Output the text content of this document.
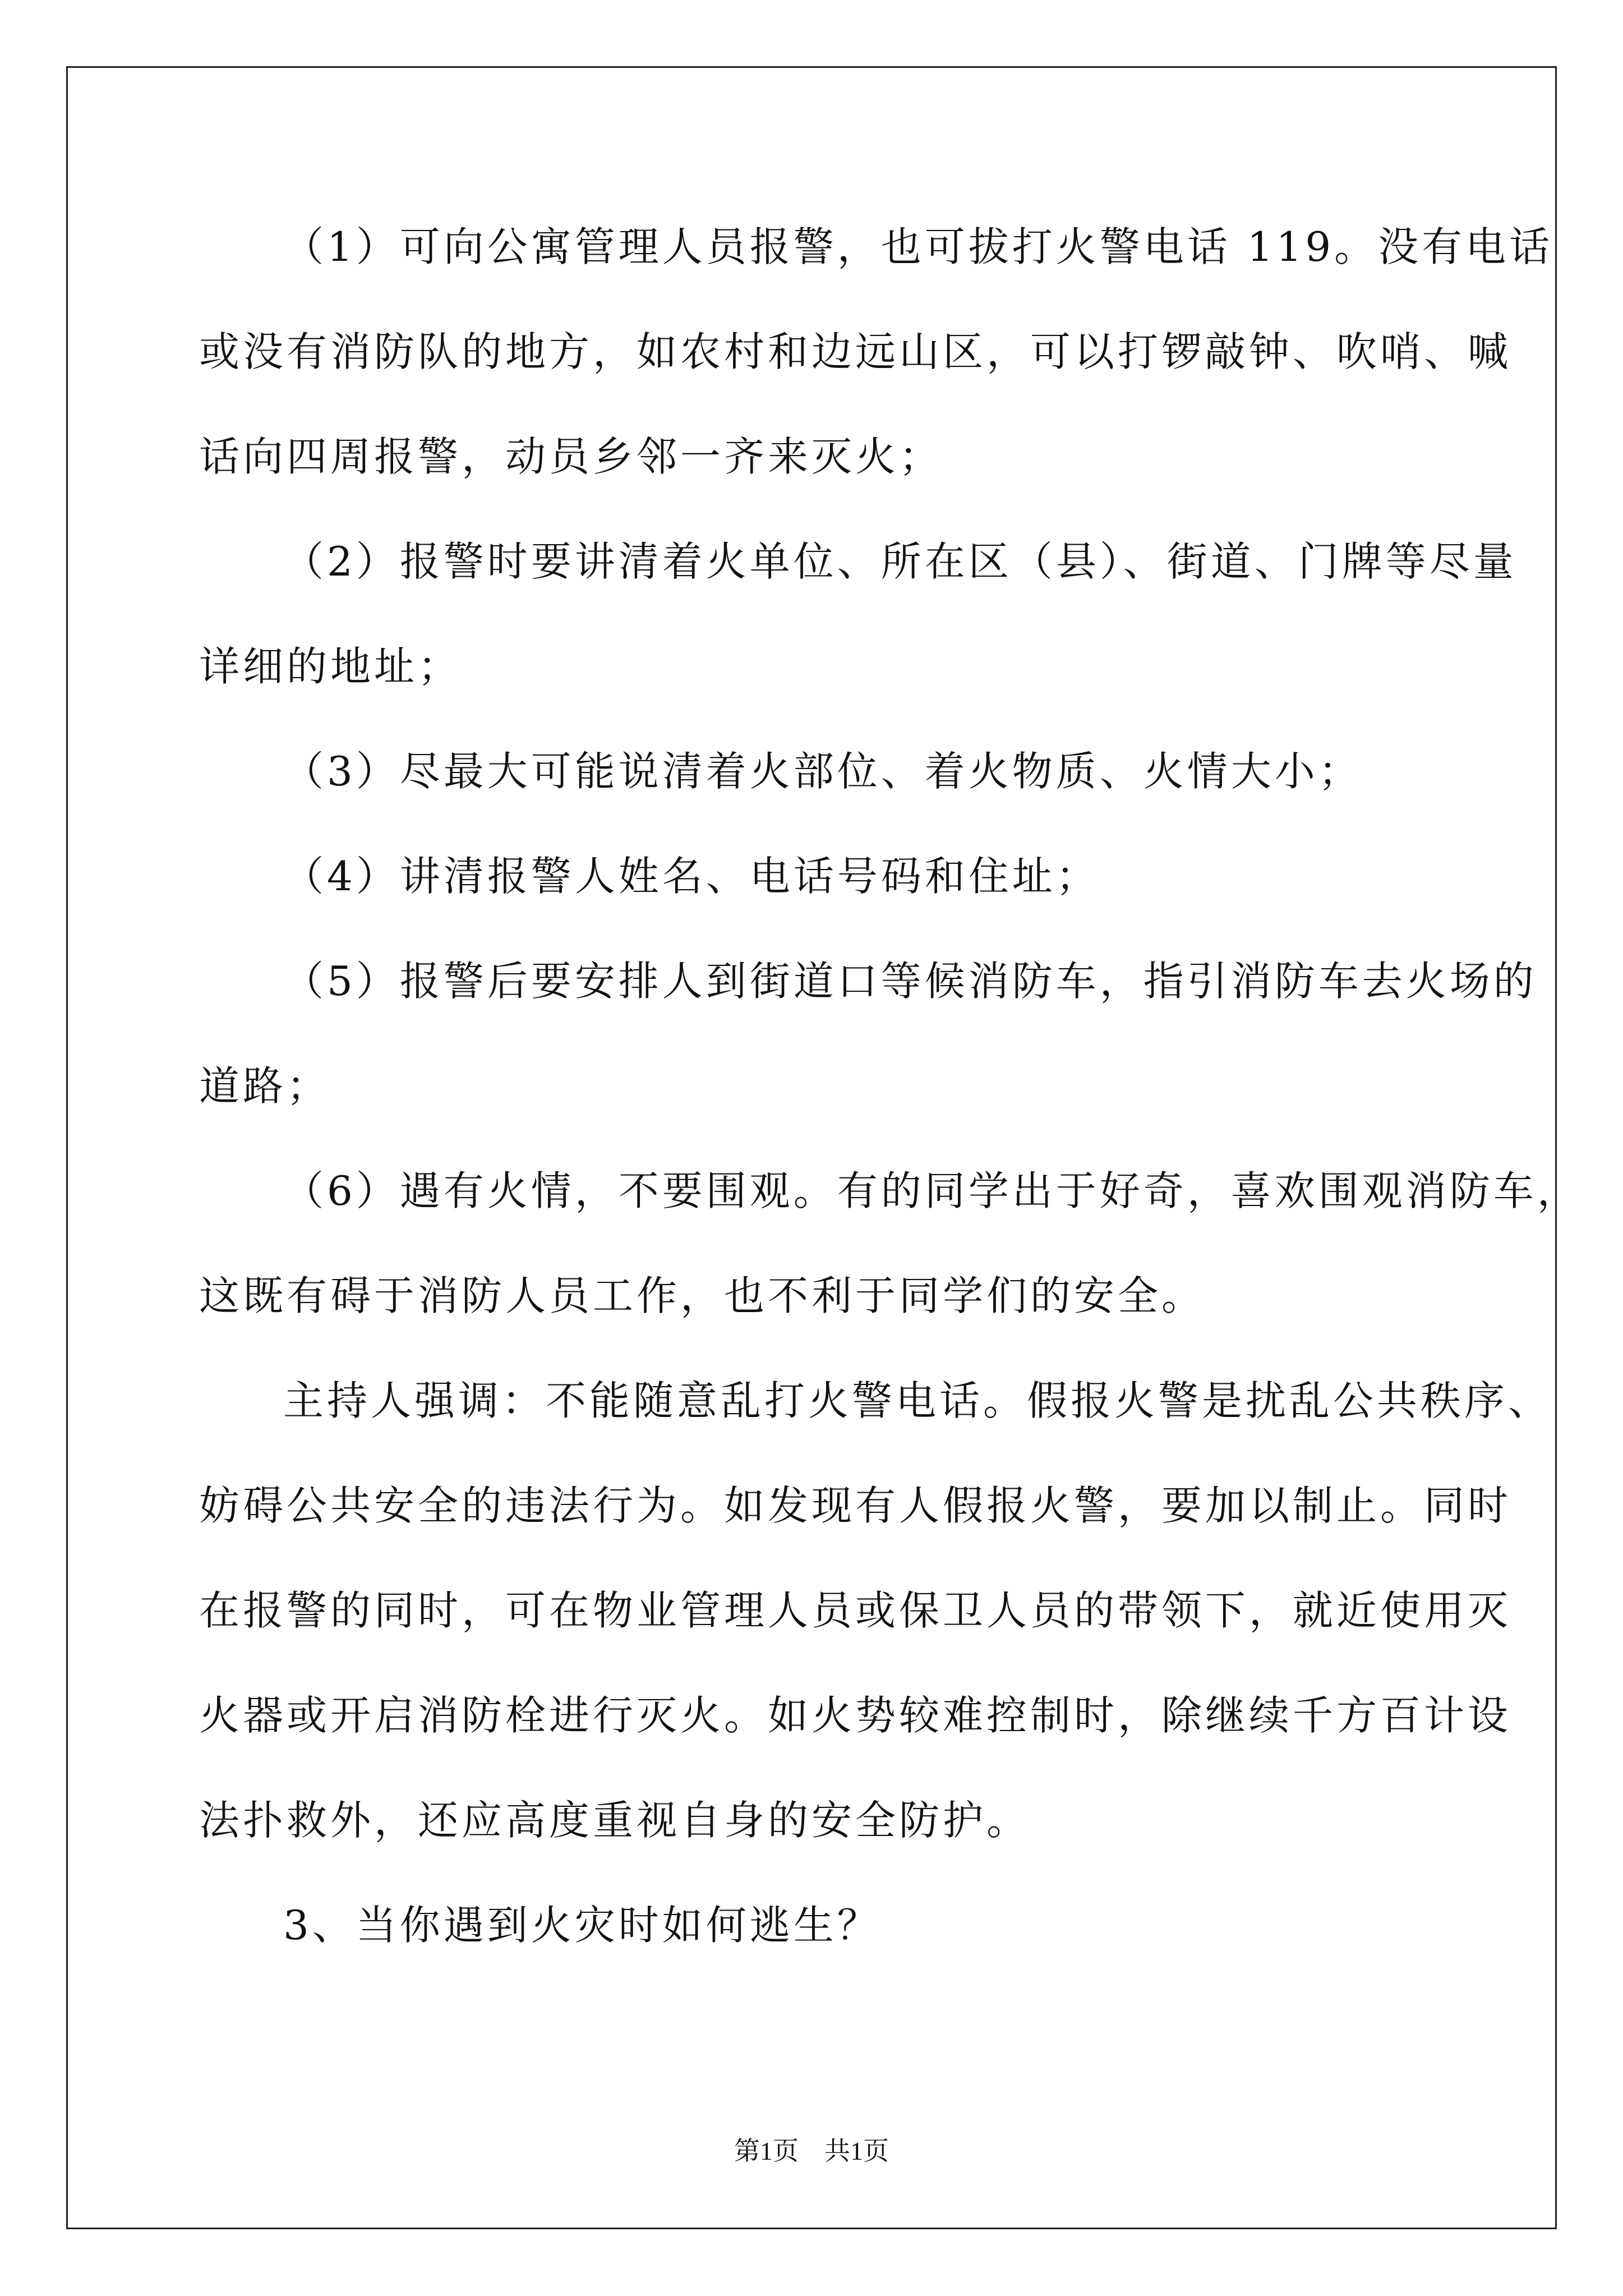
（1）可向公寓管理人员报警，也可拔打火警电话 119。没有电话
或没有消防队的地方，如农村和边远山区，可以打锣敲钟、吹哨、喊
话向四周报警，动员乡邻一齐来灭火；
（2）报警时要讲清着火单位、所在区（县）、街道、门牌等尽量
详细的地址；
（3）尽最大可能说清着火部位、着火物质、火情大小；
（4）讲清报警人姓名、电话号码和住址；
（5）报警后要安排人到街道口等候消防车，指引消防车去火场的
道路；
（6）遇有火情，不要围观。有的同学出于好奇，喜欢围观消防车，
这既有碍于消防人员工作，也不利于同学们的安全。
主持人强调：不能随意乱打火警电话。假报火警是扰乱公共秩序、
妨碍公共安全的违法行为。如发现有人假报火警，要加以制止。同时
在报警的同时，可在物业管理人员或保卫人员的带领下，就近使用灭
火器或开启消防栓进行灭火。如火势较难控制时，除继续千方百计设
法扑救外，还应高度重视自身的安全防护。
3、当你遇到火灾时如何逃生？
第1页　共1页
